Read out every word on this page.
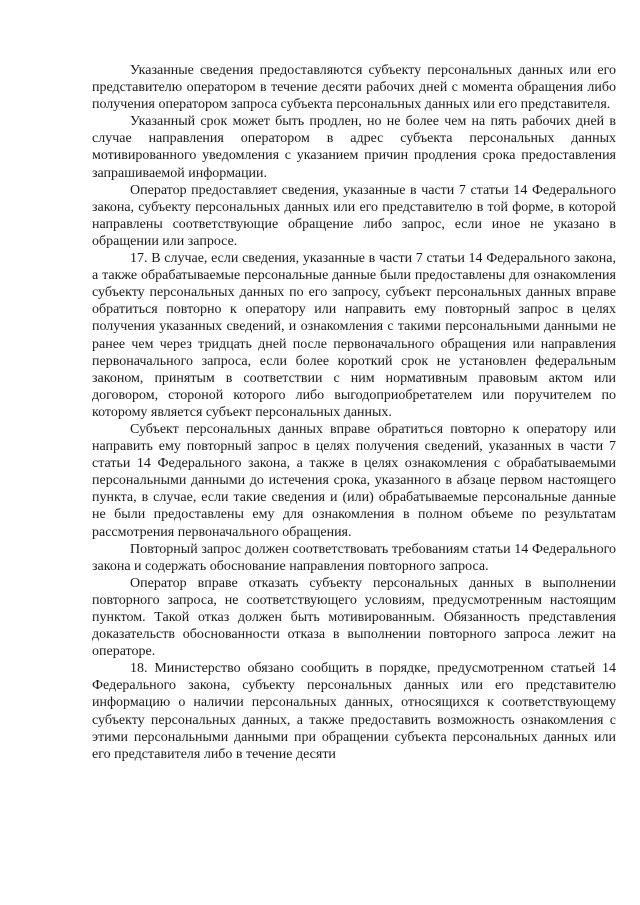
Указанные сведения предоставляются субъекту персональных данных или его представителю оператором в течение десяти рабочих дней с момента обращения либо получения оператором запроса субъекта персональных данных или его представителя.

Указанный срок может быть продлен, но не более чем на пять рабочих дней в случае направления оператором в адрес субъекта персональных данных мотивированного уведомления с указанием причин продления срока предоставления запрашиваемой информации.

Оператор предоставляет сведения, указанные в части 7 статьи 14 Федерального закона, субъекту персональных данных или его представителю в той форме, в которой направлены соответствующие обращение либо запрос, если иное не указано в обращении или запросе.

17. В случае, если сведения, указанные в части 7 статьи 14 Федерального закона, а также обрабатываемые персональные данные были предоставлены для ознакомления субъекту персональных данных по его запросу, субъект персональных данных вправе обратиться повторно к оператору или направить ему повторный запрос в целях получения указанных сведений, и ознакомления с такими персональными данными не ранее чем через тридцать дней после первоначального обращения или направления первоначального запроса, если более короткий срок не установлен федеральным законом, принятым в соответствии с ним нормативным правовым актом или договором, стороной которого либо выгодоприобретателем или поручителем по которому является субъект персональных данных.

Субъект персональных данных вправе обратиться повторно к оператору или направить ему повторный запрос в целях получения сведений, указанных в части 7 статьи 14 Федерального закона, а также в целях ознакомления с обрабатываемыми персональными данными до истечения срока, указанного в абзаце первом настоящего пункта, в случае, если такие сведения и (или) обрабатываемые персональные данные не были предоставлены ему для ознакомления в полном объеме по результатам рассмотрения первоначального обращения.

Повторный запрос должен соответствовать требованиям статьи 14 Федерального закона и содержать обоснование направления повторного запроса.

Оператор вправе отказать субъекту персональных данных в выполнении повторного запроса, не соответствующего условиям, предусмотренным настоящим пунктом. Такой отказ должен быть мотивированным. Обязанность представления доказательств обоснованности отказа в выполнении повторного запроса лежит на операторе.

18. Министерство обязано сообщить в порядке, предусмотренном статьей 14 Федерального закона, субъекту персональных данных или его представителю информацию о наличии персональных данных, относящихся к соответствующему субъекту персональных данных, а также предоставить возможность ознакомления с этими персональными данными при обращении субъекта персональных данных или его представителя либо в течение десяти
